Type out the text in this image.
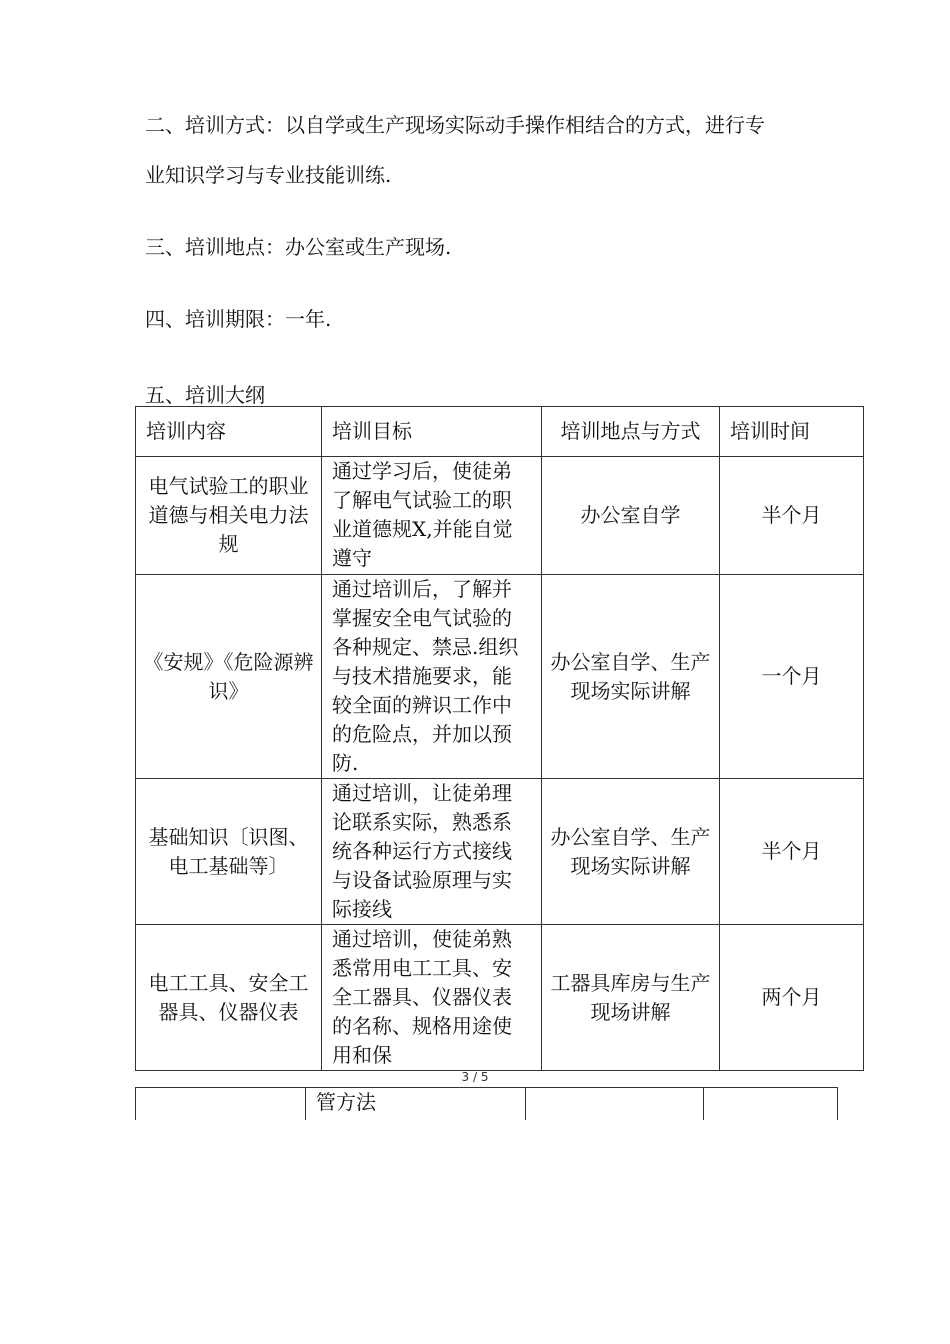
二、培训方式：以自学或生产现场实际动手操作相结合的方式，进行专

业知识学习与专业技能训练.

三、培训地点：办公室或生产现场.

四、培训期限：一年.

五、培训大纲

培训内容	培训目标	培训地点与方式	培训时间
电气试验工的职业道德与相关电力法规	通过学习后，使徒弟了解电气试验工的职业道德规X,并能自觉遵守	办公室自学	半个月
《安规》《危险源辨识》	通过培训后，了解并掌握安全电气试验的各种规定、禁忌.组织与技术措施要求，能较全面的辨识工作中的危险点，并加以预防.	办公室自学、生产现场实际讲解	一个月
基础知识〔识图、电工基础等〕	通过培训，让徒弟理论联系实际，熟悉系统各种运行方式接线与设备试验原理与实际接线	办公室自学、生产现场实际讲解	半个月
电工工具、安全工器具、仪器仪表	通过培训，使徒弟熟悉常用电工工具、安全工器具、仪器仪表的名称、规格用途使用和保	工器具库房与生产现场讲解	两个月
3 / 5
	管方法		
